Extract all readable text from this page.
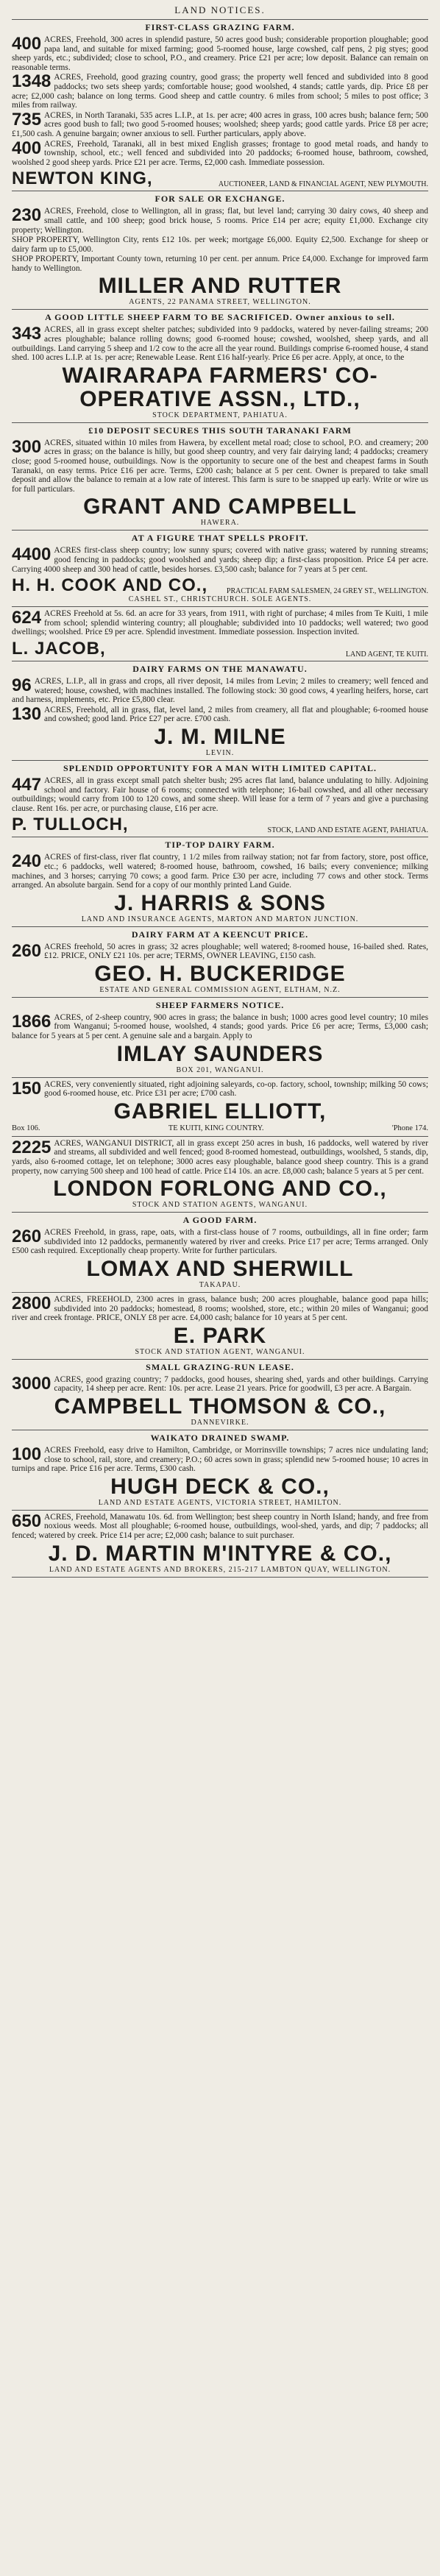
LAND NOTICES.
FIRST-CLASS GRAZING FARM.
400 ACRES, Freehold, 300 acres in splendid pasture, 50 acres good bush; considerable proportion ploughable; good papa land, and suitable for mixed farming; good 5-roomed house, large cowshed, calf pens, 2 pig styes; good sheep yards, etc.; subdivided; close to school, P.O., and creamery. Price £21 per acre; low deposit. Balance can remain on reasonable terms.
1348 ACRES, Freehold, good grazing country, good grass; the property well fenced and subdivided into 8 good paddocks; two sets sheep yards; comfortable house; good woolshed, 4 stands; cattle yards, dip. Price £8 per acre; £2,000 cash; balance on long terms. Good sheep and cattle country. 6 miles from school; 5 miles to post office; 3 miles from railway.
735 ACRES, in North Taranaki, 535 acres L.I.P., at 1s. per acre; 400 acres in grass, 100 acres bush; balance fern; 500 acres good bush to fall; two good 5-roomed houses; woolshed; sheep yards; good cattle yards. Price £8 per acre; £1,500 cash. A genuine bargain; owner anxious to sell. Further particulars, apply above.
400 ACRES, Freehold, Taranaki, all in best mixed English grasses; frontage to good metal roads, and handy to township, school, etc.; well fenced and subdivided into 20 paddocks; 6-roomed house, bathroom, cowshed, woolshed 2 good sheep yards. Price £21 per acre. Terms, £2,000 cash. Immediate possession.
NEWTON KING,	AUCTIONEER, LAND & FINANCIAL AGENT, NEW PLYMOUTH.
FOR SALE OR EXCHANGE.
230 ACRES, Freehold, close to Wellington, all in grass; flat, but level land; carrying 30 dairy cows, 40 sheep and small cattle, and 100 sheep; good brick house, 5 rooms. Price £14 per acre; equity £1,000. Exchange city property; Wellington.
SHOP PROPERTY, Wellington City, rents £12 10s. per week; mortgage £6,000. Equity £2,500. Exchange for sheep or dairy farm up to £5,000.
SHOP PROPERTY, Important County town, returning 10 per cent. per annum. Price £4,000. Exchange for improved farm handy to Wellington.
MILLER AND RUTTER
AGENTS, 22 PANAMA STREET, WELLINGTON.
A GOOD LITTLE SHEEP FARM TO BE SACRIFICED. Owner anxious to sell.
343 ACRES, all in grass except shelter patches; subdivided into 9 paddocks, watered by never-failing streams; 200 acres ploughable; balance rolling downs; good 6-roomed house; cowshed, woolshed, sheep yards, and all outbuildings. Land carrying 5 sheep and 1/2 cow to the acre all the year round. Buildings comprise 6-roomed house, 4 stand shed. 100 acres L.I.P. at 1s. per acre; Renewable Lease. Rent £16 half-yearly. Price £6 per acre. Apply, at once, to the
WAIRARAPA FARMERS' CO-OPERATIVE ASSN., LTD.,
STOCK DEPARTMENT, PAHIATUA.
£10 DEPOSIT SECURES THIS SOUTH TARANAKI FARM
300 ACRES, situated within 10 miles from Hawera, by excellent metal road; close to school, P.O. and creamery; 200 acres in grass; on the balance is hilly, but good sheep country, and very fair dairying land; 4 paddocks; creamery close; good 5-roomed house, outbuildings. Now is the opportunity to secure one of the best and cheapest farms in South Taranaki, on easy terms. Price £16 per acre. Terms, £200 cash; balance at 5 per cent. Owner is prepared to take small deposit and allow the balance to remain at a low rate of interest. This farm is sure to be snapped up early. Write or wire us for full particulars.
GRANT AND CAMPBELL
HAWERA.
AT A FIGURE THAT SPELLS PROFIT.
4400 ACRES first-class sheep country; low sunny spurs; covered with native grass; watered by running streams; good fencing in paddocks; good woolshed and yards; sheep dip; a first-class proposition. Price £4 per acre. Carrying 4000 sheep and 300 head of cattle, besides horses. £3,500 cash; balance for 7 years at 5 per cent.
H. H. COOK AND CO.,	PRACTICAL FARM SALESMEN, 24 GREY ST., WELLINGTON.
CASHEL ST., CHRISTCHURCH. SOLE AGENTS.
624 ACRES Freehold at 5s. 6d. an acre for 33 years, from 1911, with right of purchase; 4 miles from Te Kuiti, 1 mile from school; splendid wintering country; all ploughable; subdivided into 10 paddocks; well watered; two good dwellings; woolshed. Price £9 per acre. Splendid investment. Immediate possession. Inspection invited.
L. JACOB,	LAND AGENT, TE KUITI.
DAIRY FARMS ON THE MANAWATU.
96 ACRES, L.I.P., all in grass and crops, all river deposit, 14 miles from Levin; 2 miles to creamery; well fenced and watered; house, cowshed, with machines installed. The following stock: 30 good cows, 4 yearling heifers, horse, cart and harness, implements, etc. Price £5,800 clear.
130 ACRES, Freehold, all in grass, flat, level land, 2 miles from creamery, all flat and ploughable; 6-roomed house and cowshed; good land. Price £27 per acre. £700 cash.
J. M. MILNE
LEVIN.
SPLENDID OPPORTUNITY FOR A MAN WITH LIMITED CAPITAL.
447 ACRES, all in grass except small patch shelter bush; 295 acres flat land, balance undulating to hilly. Adjoining school and factory. Fair house of 6 rooms; connected with telephone; 16-bail cowshed, and all other necessary outbuildings; would carry from 100 to 120 cows, and some sheep. Will lease for a term of 7 years and give a purchasing clause. Rent 16s. per acre, or purchasing clause, £16 per acre.
P. TULLOCH,	STOCK, LAND AND ESTATE AGENT, PAHIATUA.
TIP-TOP DAIRY FARM.
240 ACRES of first-class, river flat country, 1 1/2 miles from railway station; not far from factory, store, post office, etc.; 6 paddocks, well watered; 8-roomed house, bathroom, cowshed, 16 bails; every convenience; milking machines, and 3 horses; carrying 70 cows; a good farm. Price £30 per acre, including 77 cows and other stock. Terms arranged. An absolute bargain. Send for a copy of our monthly printed Land Guide.
J. HARRIS & SONS
LAND AND INSURANCE AGENTS, MARTON AND MARTON JUNCTION.
DAIRY FARM AT A KEENCUT PRICE.
260 ACRES freehold, 50 acres in grass; 32 acres ploughable; well watered; 8-roomed house, 16-bailed shed. Rates, £12. PRICE, ONLY £21 10s. per acre; TERMS, OWNER LEAVING, £150 cash.
GEO. H. BUCKERIDGE
ESTATE AND GENERAL COMMISSION AGENT, ELTHAM, N.Z.
SHEEP FARMERS NOTICE.
1866 ACRES, of 2-sheep country, 900 acres in grass; the balance in bush; 1000 acres good level country; 10 miles from Wanganui; 5-roomed house, woolshed, 4 stands; good yards. Price £6 per acre; Terms, £3,000 cash; balance for 5 years at 5 per cent. A genuine sale and a bargain. Apply to
IMLAY SAUNDERS
BOX 201, WANGANUI.
150 ACRES, very conveniently situated, right adjoining saleyards, co-op. factory, school, township; milking 50 cows; good 6-roomed house, etc. Price £31 per acre; £700 cash.
GABRIEL ELLIOTT,
Box 106.	TE KUITI, KING COUNTRY.	'Phone 174.
2225 ACRES, WANGANUI DISTRICT, all in grass except 250 acres in bush, 16 paddocks, well watered by river and streams, all subdivided and well fenced; good 8-roomed homestead, outbuildings, woolshed, 5 stands, dip, yards, also 6-roomed cottage, let on telephone; 3000 acres easy ploughable, balance good sheep country. This is a grand property, now carrying 500 sheep and 100 head of cattle. Price £14 10s. an acre. £8,000 cash; balance 5 years at 5 per cent.
LONDON FORLONG AND CO.,
STOCK AND STATION AGENTS, WANGANUI.
A GOOD FARM.
260 ACRES Freehold, in grass, rape, oats, with a first-class house of 7 rooms, outbuildings, all in fine order; farm subdivided into 12 paddocks, permanently watered by river and creeks. Price £17 per acre; Terms arranged. Only £500 cash required. Exceptionally cheap property. Write for further particulars.
LOMAX AND SHERWILL
TAKAPAU.
2800 ACRES, FREEHOLD, 2300 acres in grass, balance bush; 200 acres ploughable, balance good papa hills; subdivided into 20 paddocks; homestead, 8 rooms; woolshed, store, etc.; within 20 miles of Wanganui; good river and creek frontage. PRICE, ONLY £8 per acre. £4,000 cash; balance for 10 years at 5 per cent.
E. PARK
STOCK AND STATION AGENT, WANGANUI.
SMALL GRAZING-RUN LEASE.
3000 ACRES, good grazing country; 7 paddocks, good houses, shearing shed, yards and other buildings. Carrying capacity, 14 sheep per acre. Rent: 10s. per acre. Lease 21 years. Price for goodwill, £3 per acre. A Bargain.
CAMPBELL THOMSON & CO.,
DANNEVIRKE.
WAIKATO DRAINED SWAMP.
100 ACRES Freehold, easy drive to Hamilton, Cambridge, or Morrinsville townships; 7 acres nice undulating land; close to school, rail, store, and creamery; P.O.; 60 acres sown in grass; splendid new 5-roomed house; 10 acres in turnips and rape. Price £16 per acre. Terms, £300 cash.
HUGH DECK & CO.,
LAND AND ESTATE AGENTS, VICTORIA STREET, HAMILTON.
650 ACRES, Freehold, Manawatu 10s. 6d. from Wellington; best sheep country in North Island; handy, and free from noxious weeds. Most all ploughable; 6-roomed house, outbuildings, wool-shed, yards, and dip; 7 paddocks; all fenced; watered by creek. Price £14 per acre; £2,000 cash; balance to suit purchaser.
J. D. MARTIN M'INTYRE & CO.,
LAND AND ESTATE AGENTS AND BROKERS, 215-217 LAMBTON QUAY, WELLINGTON.
